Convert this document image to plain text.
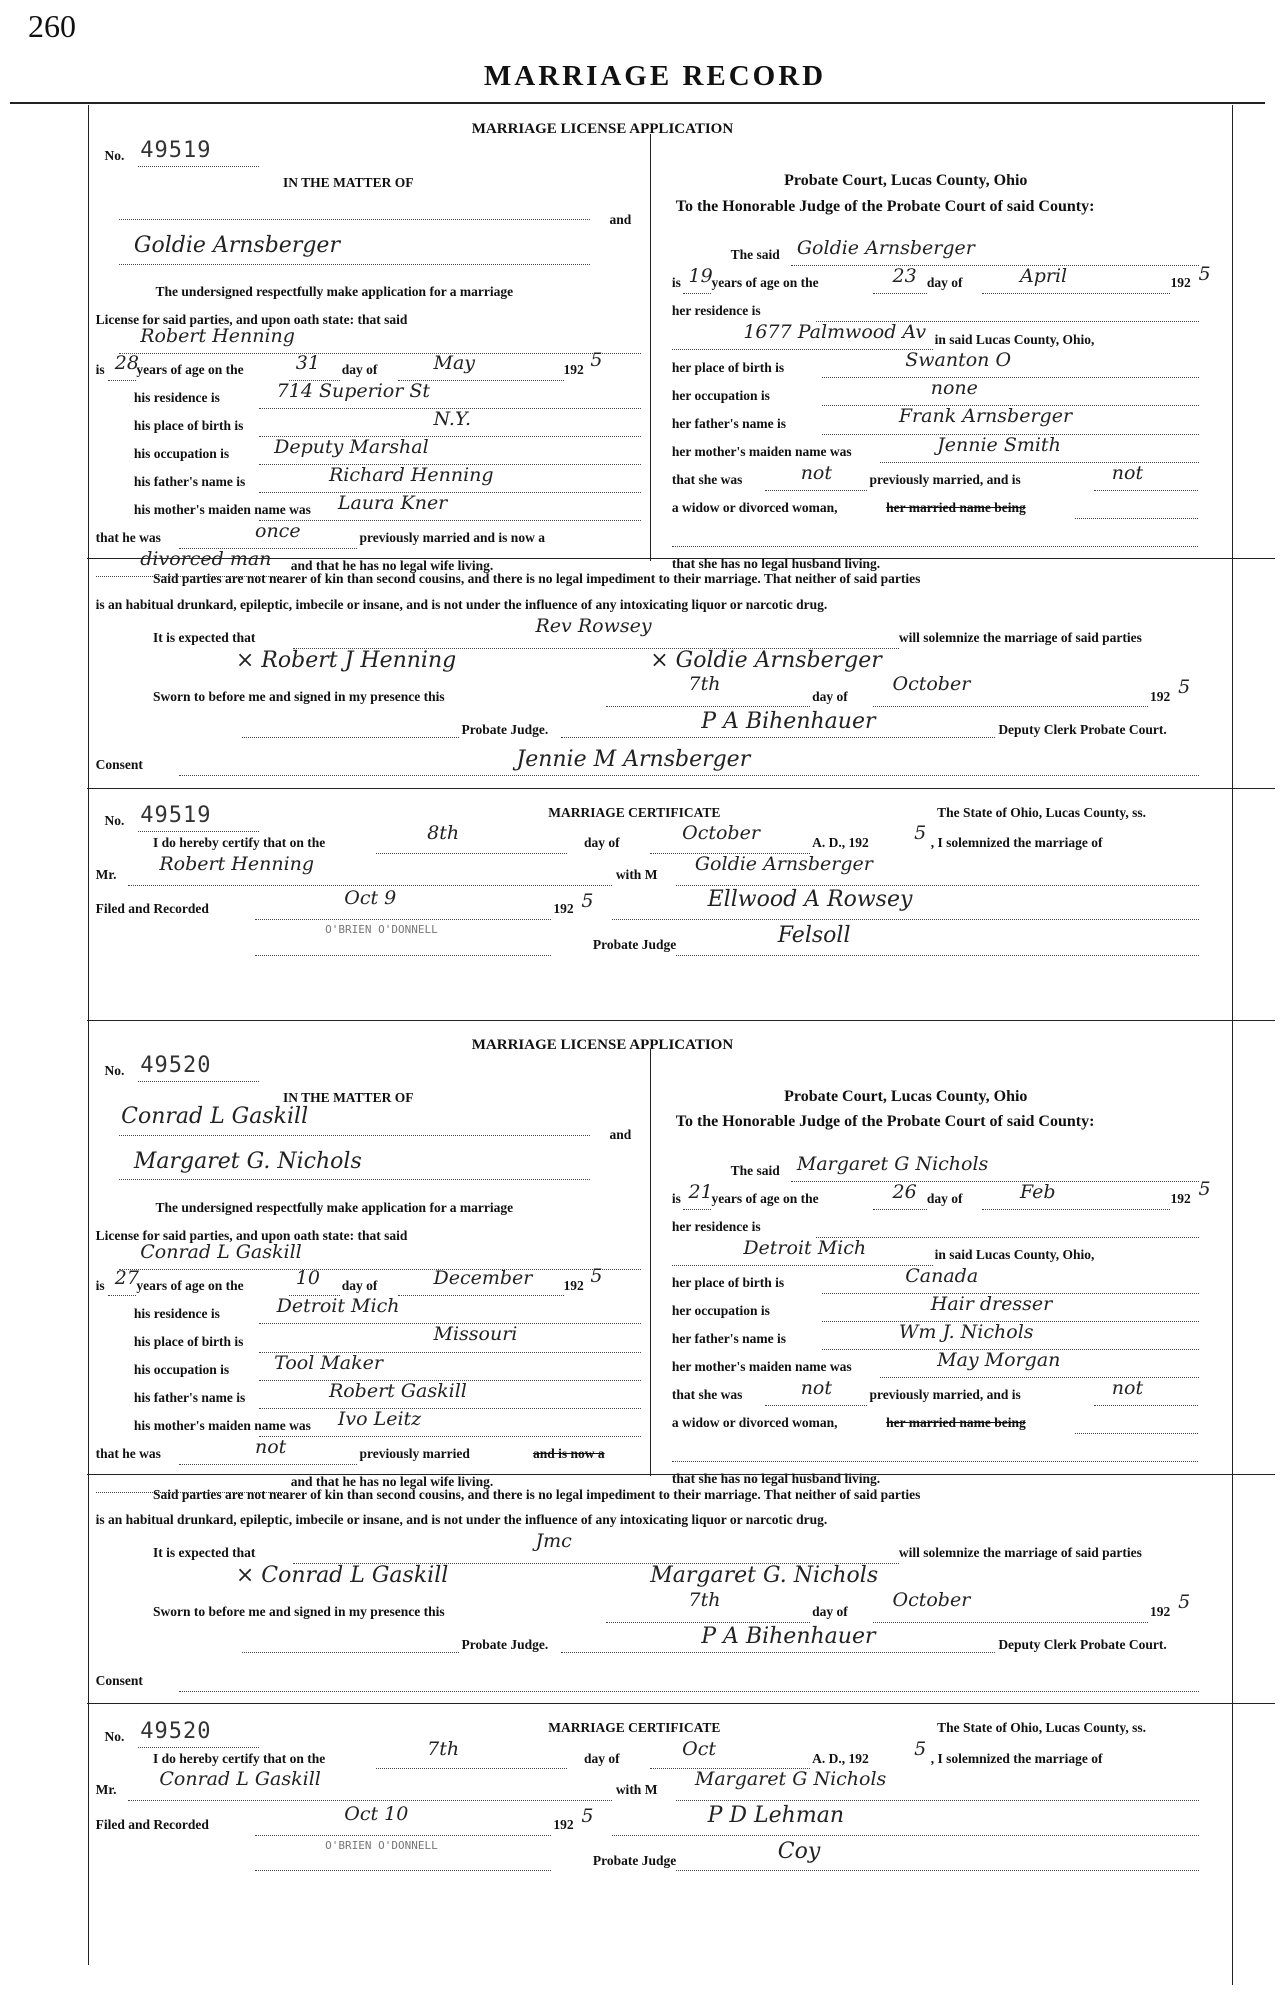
260
MARRIAGE RECORD
MARRIAGE LICENSE APPLICATION
No. 49519
IN THE MATTER OF
and
Goldie Arnsberger
The undersigned respectfully make application for a marriage
License for said parties, and upon oath state: that said
Robert Henning
is 28
years of age on the	31 day of	May	192 5
his residence is	714 Superior St
his place of birth is	N.Y.
his occupation is Deputy Marshal
his father's name is	Richard Henning
his mother's maiden name was Laura Kner
that he was	once	previously married and is now a
divorced man and that he has no legal wife living.
Probate Court, Lucas County, Ohio
To the Honorable Judge of the Probate Court of said County:
The said Goldie Arnsberger
is 19
years of age on the	23 day of	April	192 5
her residence is
1677 Palmwood Av in said Lucas County, Ohio,
her place of birth is	Swanton O
her occupation is	none
her father's name is	Frank Arnsberger
her mother's maiden name was	Jennie Smith
that she was	not	previously married, and is	not
a widow or divorced woman,	her married name being
that she has no legal husband living.
Said parties are not nearer of kin than second cousins, and there is no legal impediment to their marriage. That neither of said parties
is an habitual drunkard, epileptic, imbecile or insane, and is not under the influence of any intoxicating liquor or narcotic drug.
It is expected that
Rev Rowsey
will solemnize the marriage of said parties
× Robert J Henning	× Goldie Arnsberger
Sworn to before me and signed in my presence this
7th
day of
October
192 5
Probate Judge.	P A Bihenhauer	Deputy Clerk Probate Court.
Consent	Jennie M Arnsberger
No. 49519	MARRIAGE CERTIFICATE	The State of Ohio, Lucas County, ss.
I do hereby certify that on the	8th	day of	October	A. D., 192 5 , I solemnized the marriage of
Mr. Robert Henning	with M Goldie Arnsberger
Filed and Recorded	Oct 9	192 5	Ellwood A Rowsey
O'BRIEN O'DONNELL
Probate Judge	Felsoll
MARRIAGE LICENSE APPLICATION
No. 49520
IN THE MATTER OF
Conrad L Gaskill
and
Margaret G. Nichols
The undersigned respectfully make application for a marriage
License for said parties, and upon oath state: that said
Conrad L Gaskill
is 27
years of age on the	10 day of	December 192 5
his residence is	Detroit Mich
his place of birth is	Missouri
his occupation is Tool Maker
his father's name is	Robert Gaskill
his mother's maiden name was Ivo Leitz
that he was	not	previously married	and is now a
and that he has no legal wife living.
Probate Court, Lucas County, Ohio
To the Honorable Judge of the Probate Court of said County:
The said Margaret G Nichols
is 21
years of age on the	26 day of	Feb	192 5
her residence is
Detroit Mich	in said Lucas County, Ohio,
her place of birth is	Canada
her occupation is	Hair dresser
her father's name is	Wm J. Nichols
her mother's maiden name was	May Morgan
that she was	not	previously married, and is	not
a widow or divorced woman,	her married name being
that she has no legal husband living.
Said parties are not nearer of kin than second cousins, and there is no legal impediment to their marriage. That neither of said parties
is an habitual drunkard, epileptic, imbecile or insane, and is not under the influence of any intoxicating liquor or narcotic drug.
It is expected that
Jmc
will solemnize the marriage of said parties
× Conrad L Gaskill	Margaret G. Nichols
Sworn to before me and signed in my presence this
7th
day of
October
192 5
Probate Judge.	P A Bihenhauer	Deputy Clerk Probate Court.
Consent
No. 49520	MARRIAGE CERTIFICATE	The State of Ohio, Lucas County, ss.
I do hereby certify that on the	7th	day of	Oct	A. D., 192 5 , I solemnized the marriage of
Mr. Conrad L Gaskill	with M Margaret G Nichols
Filed and Recorded	Oct 10	192 5	P D Lehman
O'BRIEN O'DONNELL
Probate Judge	Coy
